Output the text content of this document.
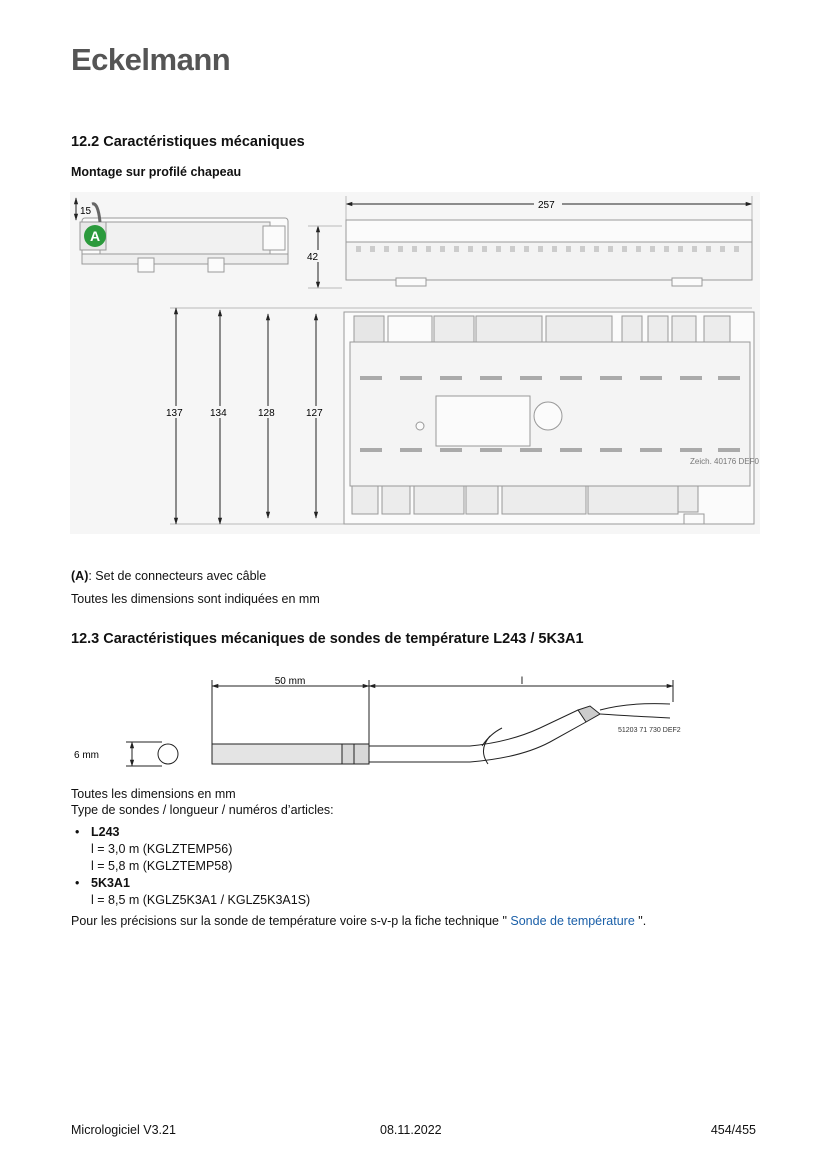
Eckelmann
12.2 Caractéristiques mécaniques
Montage sur profilé chapeau
15
A
42
257
137	134	128	127
Zeich. 40176 DEF0
(A): Set de connecteurs avec câble
Toutes les dimensions sont indiquées en mm
12.3 Caractéristiques mécaniques de sondes de température L243 / 5K3A1
50 mm	l
6 mm
51203 71 730 DEF2
Toutes les dimensions en mm
Type de sondes / longueur / numéros d’articles:
• L243
l = 3,0 m (KGLZTEMP56)
l = 5,8 m (KGLZTEMP58)
• 5K3A1
l = 8,5 m (KGLZ5K3A1 / KGLZ5K3A1S)
Pour les précisions sur la sonde de température voire s-v-p la fiche technique " Sonde de température ".
Micrologiciel V3.21	08.11.2022	454/455
